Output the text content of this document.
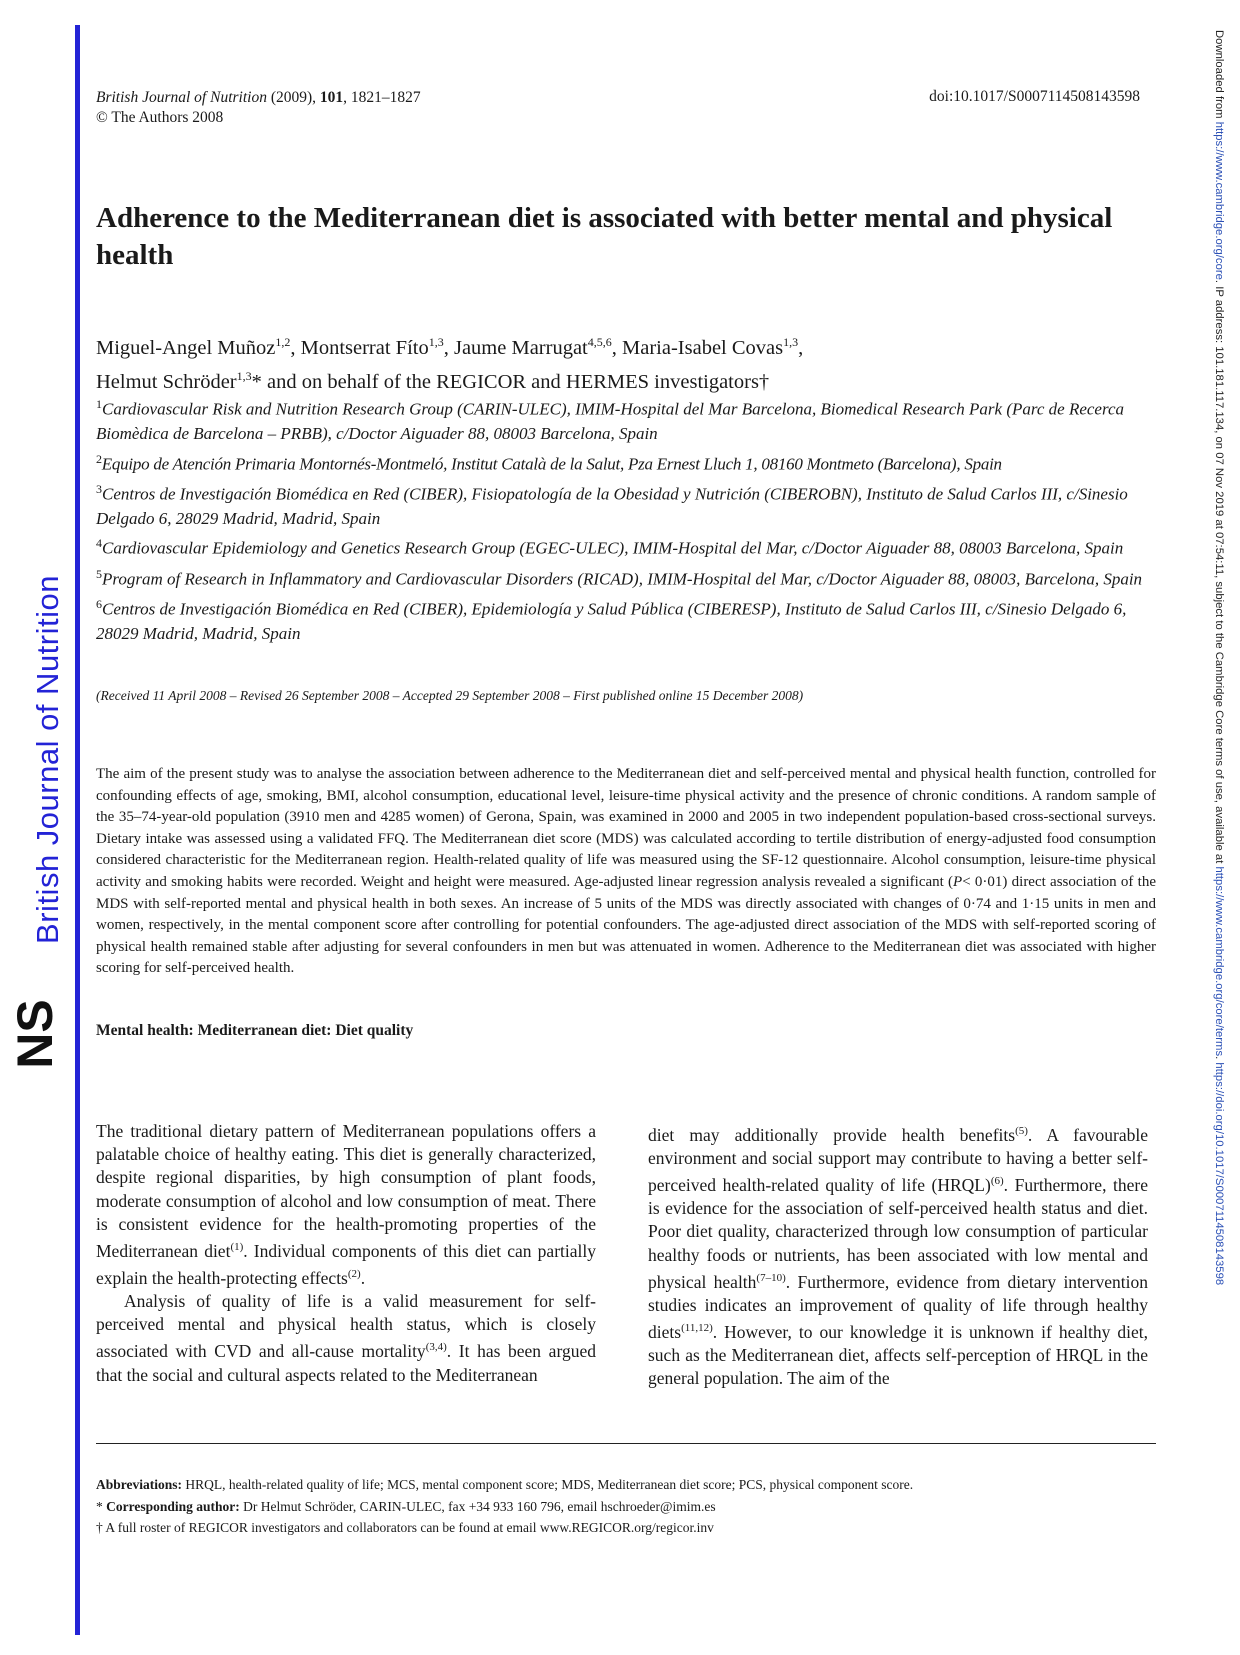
British Journal of Nutrition
NS
Downloaded from https://www.cambridge.org/core. IP address: 101.181.117.134, on 07 Nov 2019 at 07:54:11, subject to the Cambridge Core terms of use, available at https://www.cambridge.org/core/terms. https://doi.org/10.1017/S0007114508143598
British Journal of Nutrition (2009), 101, 1821–1827
© The Authors 2008
doi:10.1017/S0007114508143598
Adherence to the Mediterranean diet is associated with better mental and physical health
Miguel-Angel Muñoz$^{1,2}$, Montserrat Fíto$^{1,3}$, Jaume Marrugat$^{4,5,6}$, Maria-Isabel Covas$^{1,3}$,
Helmut Schröder$^{1,3}$* and on behalf of the REGICOR and HERMES investigators†

$^1$Cardiovascular Risk and Nutrition Research Group (CARIN-ULEC), IMIM-Hospital del Mar Barcelona, Biomedical Research Park (Parc de Recerca Biomèdica de Barcelona – PRBB), c/Doctor Aiguader 88, 08003 Barcelona, Spain

$^2$Equipo de Atención Primaria Montornés-Montmeló, Institut Català de la Salut, Pza Ernest Lluch 1, 08160 Montmeto (Barcelona), Spain

$^3$Centros de Investigación Biomédica en Red (CIBER), Fisiopatología de la Obesidad y Nutrición (CIBEROBN), Instituto de Salud Carlos III, c/Sinesio Delgado 6, 28029 Madrid, Madrid, Spain

$^4$Cardiovascular Epidemiology and Genetics Research Group (EGEC-ULEC), IMIM-Hospital del Mar, c/Doctor Aiguader 88, 08003 Barcelona, Spain

$^5$Program of Research in Inflammatory and Cardiovascular Disorders (RICAD), IMIM-Hospital del Mar, c/Doctor Aiguader 88, 08003, Barcelona, Spain

$^6$Centros de Investigación Biomédica en Red (CIBER), Epidemiología y Salud Pública (CIBERESP), Instituto de Salud Carlos III, c/Sinesio Delgado 6, 28029 Madrid, Madrid, Spain

(Received 11 April 2008 – Revised 26 September 2008 – Accepted 29 September 2008 – First published online 15 December 2008)
The aim of the present study was to analyse the association between adherence to the Mediterranean diet and self-perceived mental and physical health function, controlled for confounding effects of age, smoking, BMI, alcohol consumption, educational level, leisure-time physical activity and the presence of chronic conditions. A random sample of the 35–74-year-old population (3910 men and 4285 women) of Gerona, Spain, was examined in 2000 and 2005 in two independent population-based cross-sectional surveys. Dietary intake was assessed using a validated FFQ. The Mediterranean diet score (MDS) was calculated according to tertile distribution of energy-adjusted food consumption considered characteristic for the Mediterranean region. Health-related quality of life was measured using the SF-12 questionnaire. Alcohol consumption, leisure-time physical activity and smoking habits were recorded. Weight and height were measured. Age-adjusted linear regression analysis revealed a significant (P< 0·01) direct association of the MDS with self-reported mental and physical health in both sexes. An increase of 5 units of the MDS was directly associated with changes of 0·74 and 1·15 units in men and women, respectively, in the mental component score after controlling for potential confounders. The age-adjusted direct association of the MDS with self-reported scoring of physical health remained stable after adjusting for several confounders in men but was attenuated in women. Adherence to the Mediterranean diet was associated with higher scoring for self-perceived health.
Mental health: Mediterranean diet: Diet quality

The traditional dietary pattern of Mediterranean populations offers a palatable choice of healthy eating. This diet is generally characterized, despite regional disparities, by high consumption of plant foods, moderate consumption of alcohol and low consumption of meat. There is consistent evidence for the health-promoting properties of the Mediterranean diet$^{(1)}$. Individual components of this diet can partially explain the health-protecting effects$^{(2)}$.

Analysis of quality of life is a valid measurement for self-perceived mental and physical health status, which is closely associated with CVD and all-cause mortality$^{(3,4)}$. It has been argued that the social and cultural aspects related to the Mediterranean

diet may additionally provide health benefits$^{(5)}$. A favourable environment and social support may contribute to having a better self-perceived health-related quality of life (HRQL)$^{(6)}$. Furthermore, there is evidence for the association of self-perceived health status and diet. Poor diet quality, characterized through low consumption of particular healthy foods or nutrients, has been associated with low mental and physical health$^{(7-10)}$. Furthermore, evidence from dietary intervention studies indicates an improvement of quality of life through healthy diets$^{(11,12)}$. However, to our knowledge it is unknown if healthy diet, such as the Mediterranean diet, affects self-perception of HRQL in the general population. The aim of the

Abbreviations: HRQL, health-related quality of life; MCS, mental component score; MDS, Mediterranean diet score; PCS, physical component score.

* Corresponding author: Dr Helmut Schröder, CARIN-ULEC, fax +34 933 160 796, email hschroeder@imim.es

† A full roster of REGICOR investigators and collaborators can be found at email www.REGICOR.org/regicor.inv
